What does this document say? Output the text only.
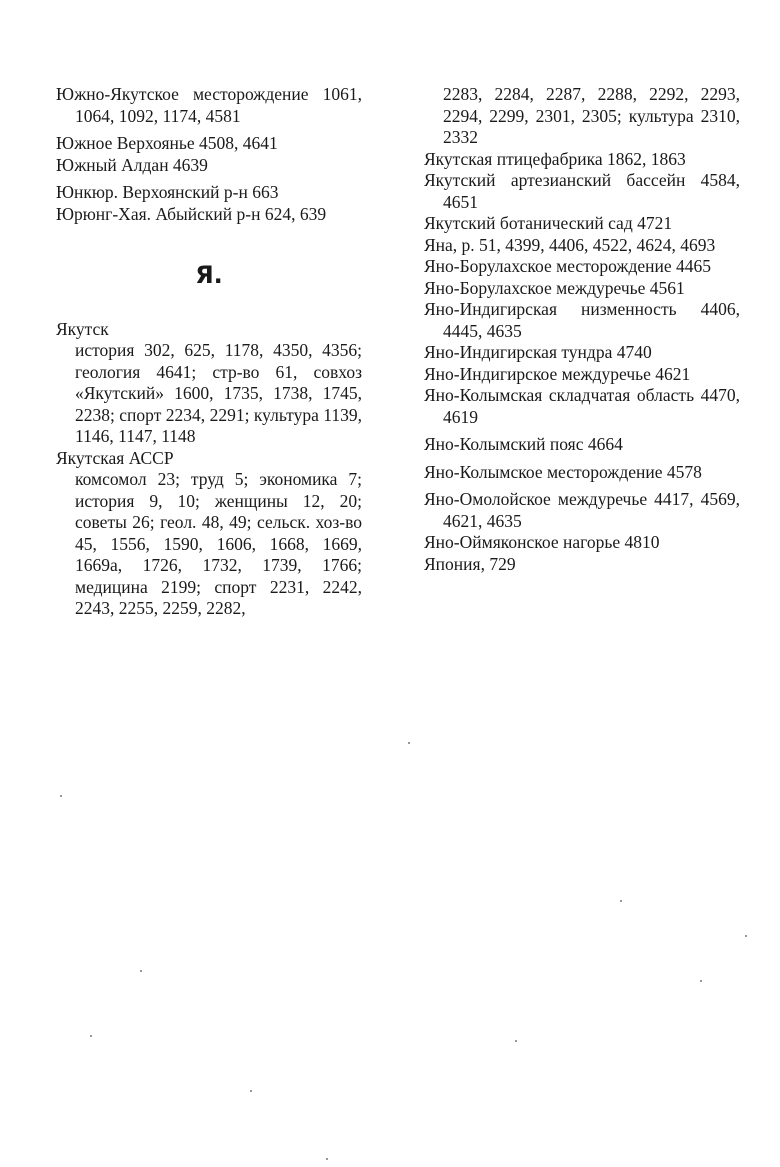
Южно-Якутское месторождение 1061, 1064, 1092, 1174, 4581
Южное Верхоянье 4508, 4641
Южный Алдан 4639
Юнкюр. Верхоянский р-н 663
Юрюнг-Хая. Абыйский р-н 624, 639
Я.
Якутск
история 302, 625, 1178, 4350, 4356; геология 4641; стр-во 61, совхоз «Якутский» 1600, 1735, 1738, 1745, 2238; спорт 2234, 2291; культура 1139, 1146, 1147, 1148
Якутская АССР
комсомол 23; труд 5; экономика 7; история 9, 10; женщины 12, 20; советы 26; геол. 48, 49; сельск. хоз-во 45, 1556, 1590, 1606, 1668, 1669, 1669а, 1726, 1732, 1739, 1766; медицина 2199; спорт 2231, 2242, 2243, 2255, 2259, 2282,
2283, 2284, 2287, 2288, 2292, 2293, 2294, 2299, 2301, 2305; культура 2310, 2332
Якутская птицефабрика 1862, 1863
Якутский артезианский бассейн 4584, 4651
Якутский ботанический сад 4721
Яна, р. 51, 4399, 4406, 4522, 4624, 4693
Яно-Борулахское месторождение 4465
Яно-Борулахское междуречье 4561
Яно-Индигирская низменность 4406, 4445, 4635
Яно-Индигирская тундра 4740
Яно-Индигирское междуречье 4621
Яно-Колымская складчатая область 4470, 4619
Яно-Колымский пояс 4664
Яно-Колымское месторождение 4578
Яно-Омолойское междуречье 4417, 4569, 4621, 4635
Яно-Оймяконское нагорье 4810
Япония, 729
